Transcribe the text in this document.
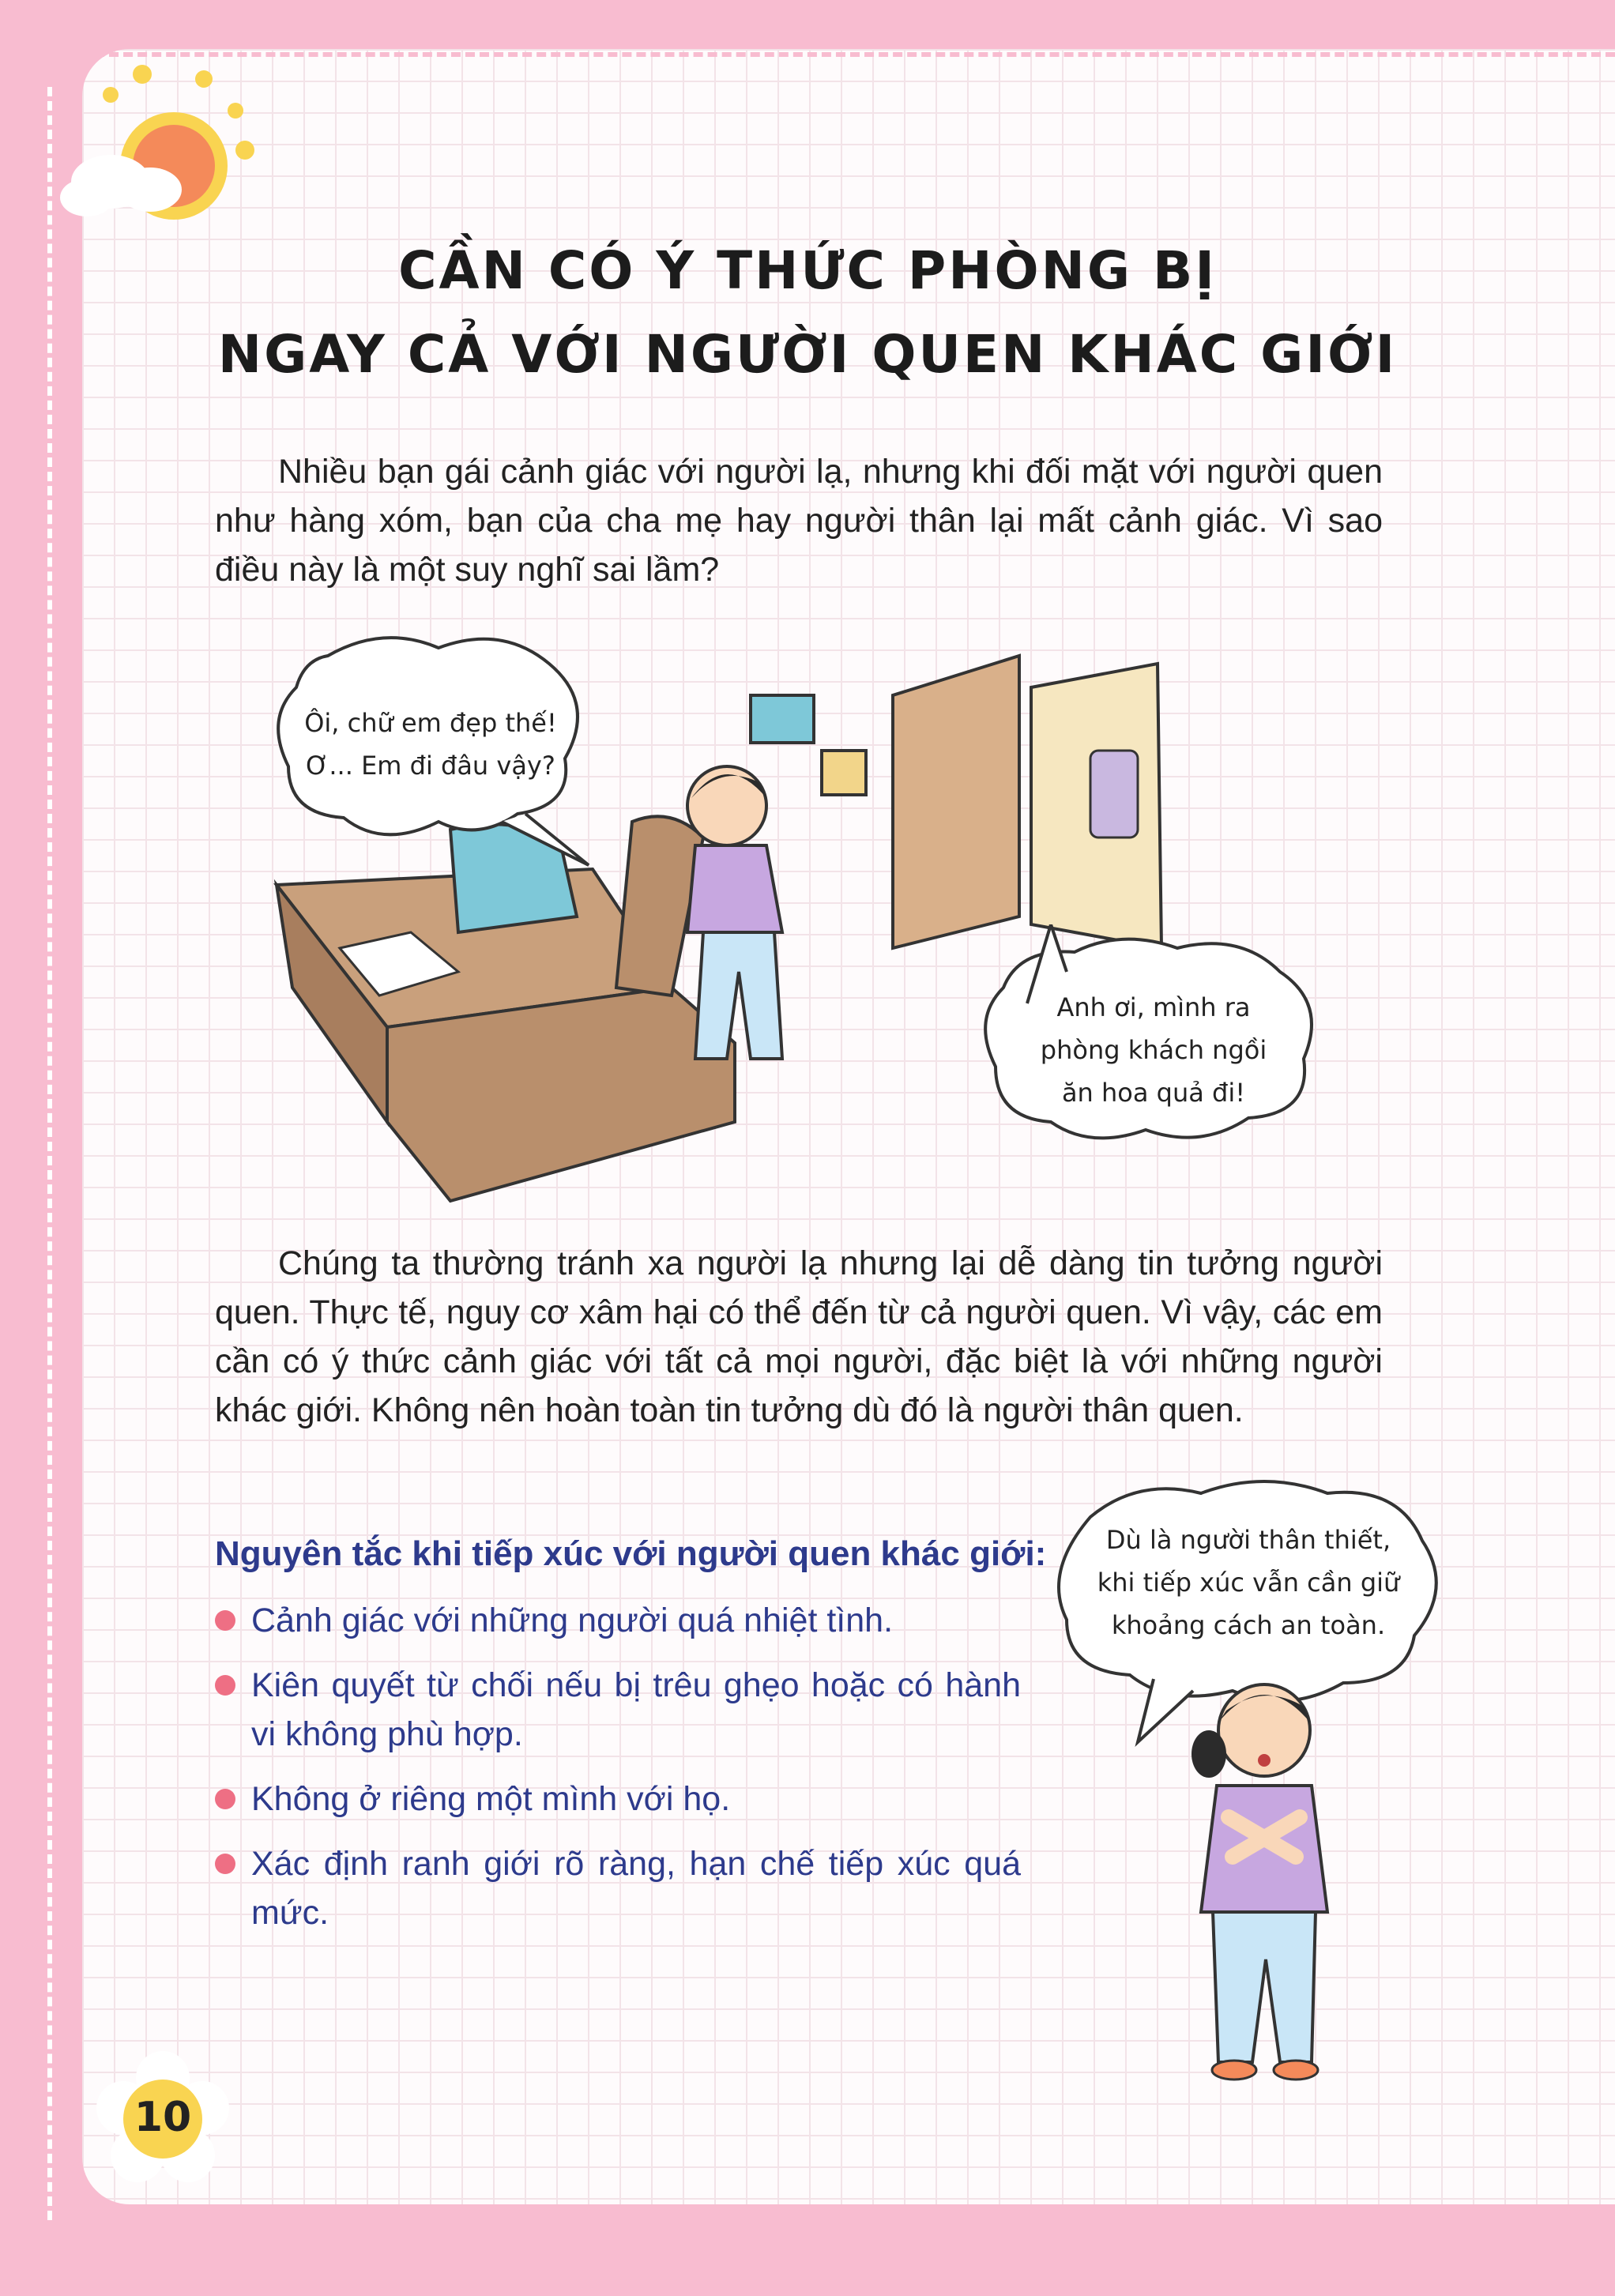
CẦN CÓ Ý THỨC PHÒNG BỊ
NGAY CẢ VỚI NGƯỜI QUEN KHÁC GIỚI
Nhiều bạn gái cảnh giác với người lạ, nhưng khi đối mặt với người quen như hàng xóm, bạn của cha mẹ hay người thân lại mất cảnh giác. Vì sao điều này là một suy nghĩ sai lầm?
Ôi, chữ em đẹp thế!
Ơ... Em đi đâu vậy?
Anh ơi, mình ra
phòng khách ngồi
ăn hoa quả đi!
Chúng ta thường tránh xa người lạ nhưng lại dễ dàng tin tưởng người quen. Thực tế, nguy cơ xâm hại có thể đến từ cả người quen. Vì vậy, các em cần có ý thức cảnh giác với tất cả mọi người, đặc biệt là với những người khác giới. Không nên hoàn toàn tin tưởng dù đó là người thân quen.
Nguyên tắc khi tiếp xúc với người quen khác giới:
Cảnh giác với những người quá nhiệt tình.
Kiên quyết từ chối nếu bị trêu ghẹo hoặc có hành vi không phù hợp.
Không ở riêng một mình với họ.
Xác định ranh giới rõ ràng, hạn chế tiếp xúc quá mức.
Dù là người thân thiết,
khi tiếp xúc vẫn cần giữ
khoảng cách an toàn.
10
